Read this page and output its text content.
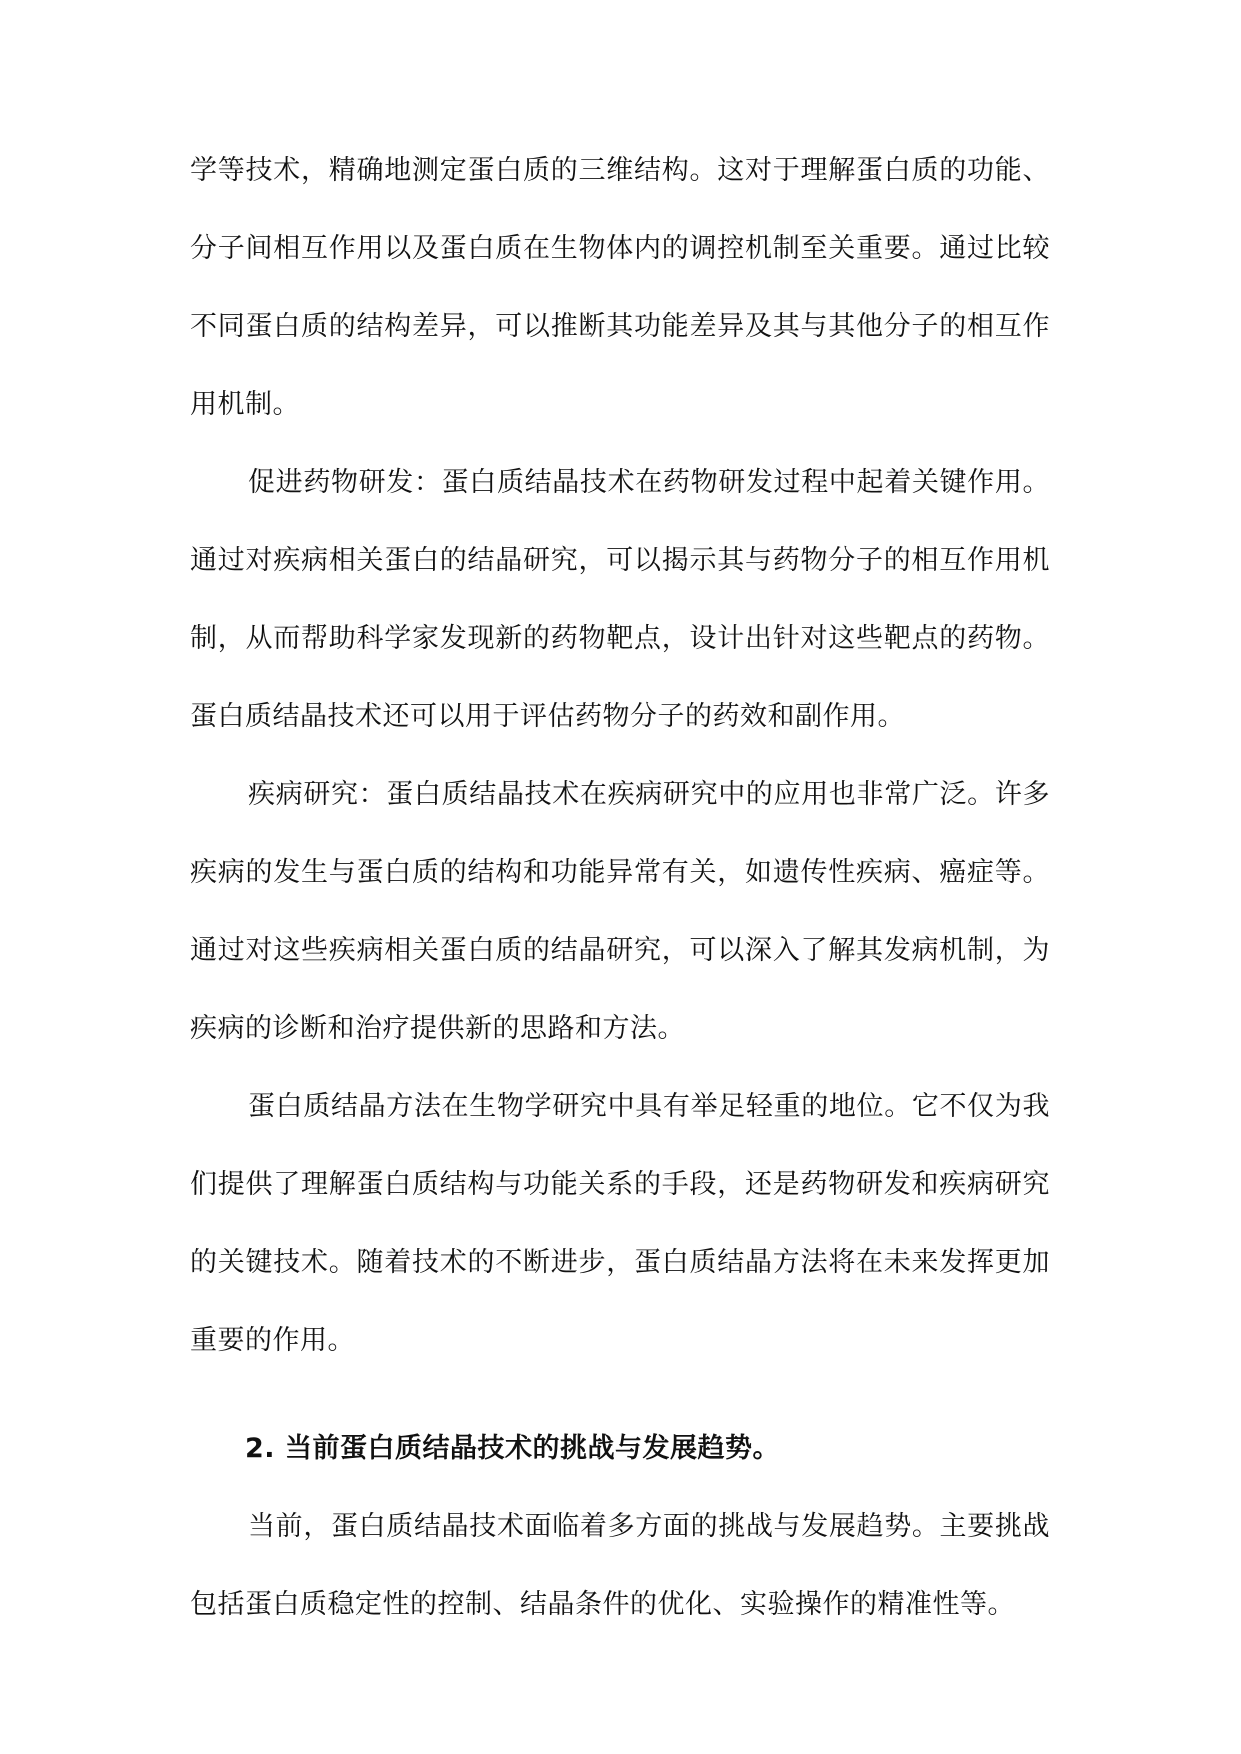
学等技术，精确地测定蛋白质的三维结构。这对于理解蛋白质的功能、分子间相互作用以及蛋白质在生物体内的调控机制至关重要。通过比较不同蛋白质的结构差异，可以推断其功能差异及其与其他分子的相互作用机制。

促进药物研发：蛋白质结晶技术在药物研发过程中起着关键作用。通过对疾病相关蛋白的结晶研究，可以揭示其与药物分子的相互作用机制，从而帮助科学家发现新的药物靶点，设计出针对这些靶点的药物。蛋白质结晶技术还可以用于评估药物分子的药效和副作用。

疾病研究：蛋白质结晶技术在疾病研究中的应用也非常广泛。许多疾病的发生与蛋白质的结构和功能异常有关，如遗传性疾病、癌症等。通过对这些疾病相关蛋白质的结晶研究，可以深入了解其发病机制，为疾病的诊断和治疗提供新的思路和方法。

蛋白质结晶方法在生物学研究中具有举足轻重的地位。它不仅为我们提供了理解蛋白质结构与功能关系的手段，还是药物研发和疾病研究的关键技术。随着技术的不断进步，蛋白质结晶方法将在未来发挥更加重要的作用。

2. 当前蛋白质结晶技术的挑战与发展趋势。

当前，蛋白质结晶技术面临着多方面的挑战与发展趋势。主要挑战包括蛋白质稳定性的控制、结晶条件的优化、实验操作的精准性等。
